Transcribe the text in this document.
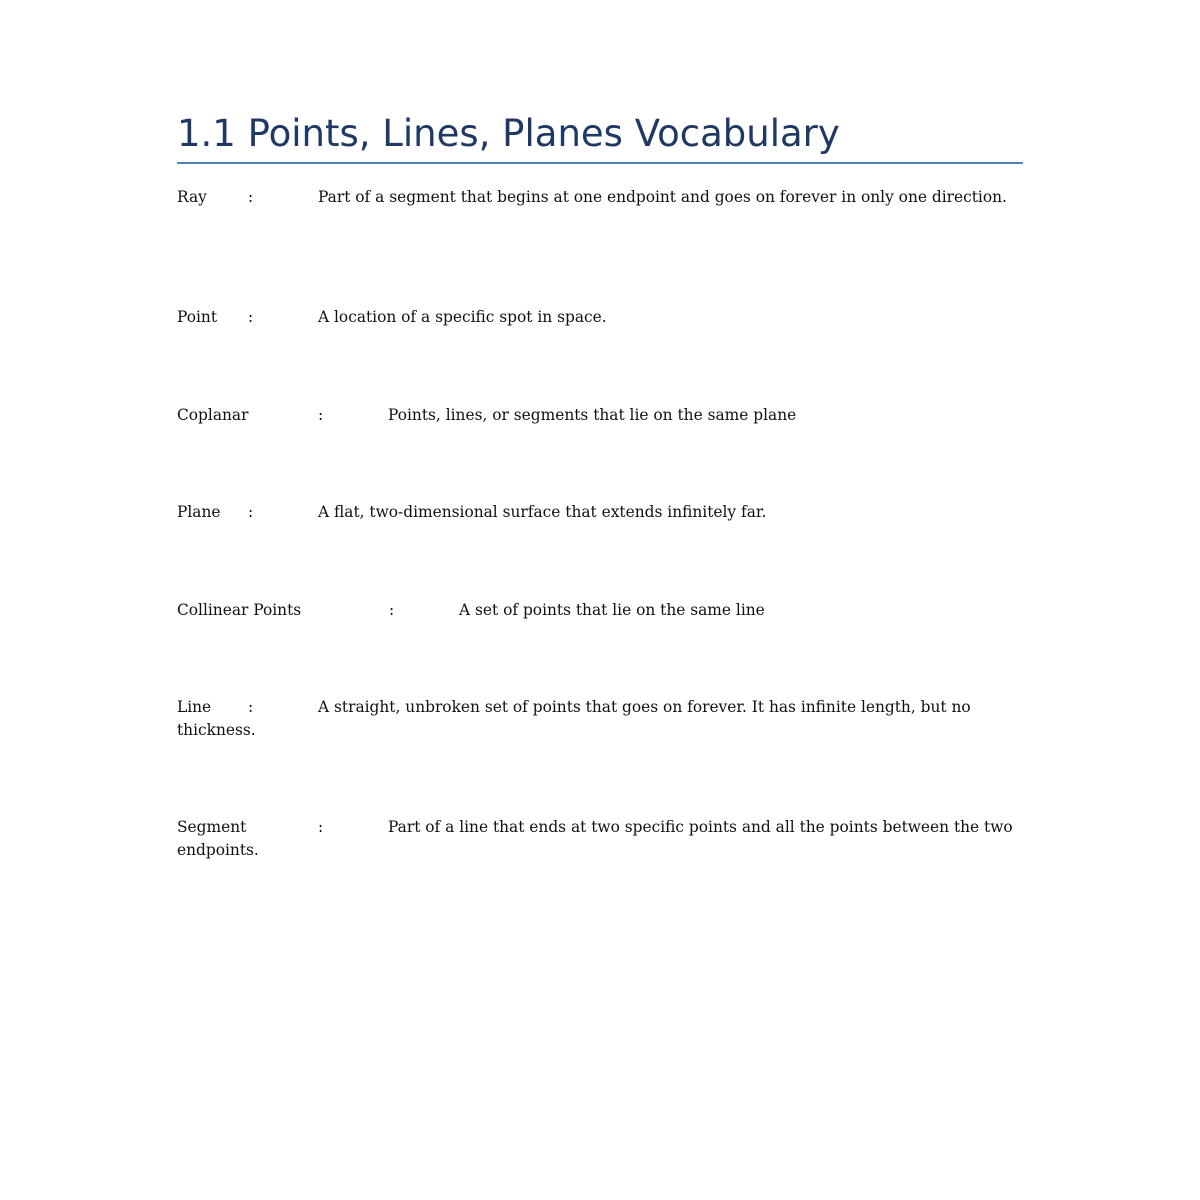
1.1 Points, Lines, Planes Vocabulary

Ray	:	Part of a segment that begins at one endpoint and goes on forever in only one direction.

Point :	A location of a specific spot in space.

Coplanar	:	Points, lines, or segments that lie on the same plane

Plane :	A flat, two-dimensional surface that extends infinitely far.

Collinear Points	:	A set of points that lie on the same line

Line :	A straight, unbroken set of points that goes on forever. It has infinite length, but no thickness.

Segment	:	Part of a line that ends at two specific points and all the points between the two endpoints.
